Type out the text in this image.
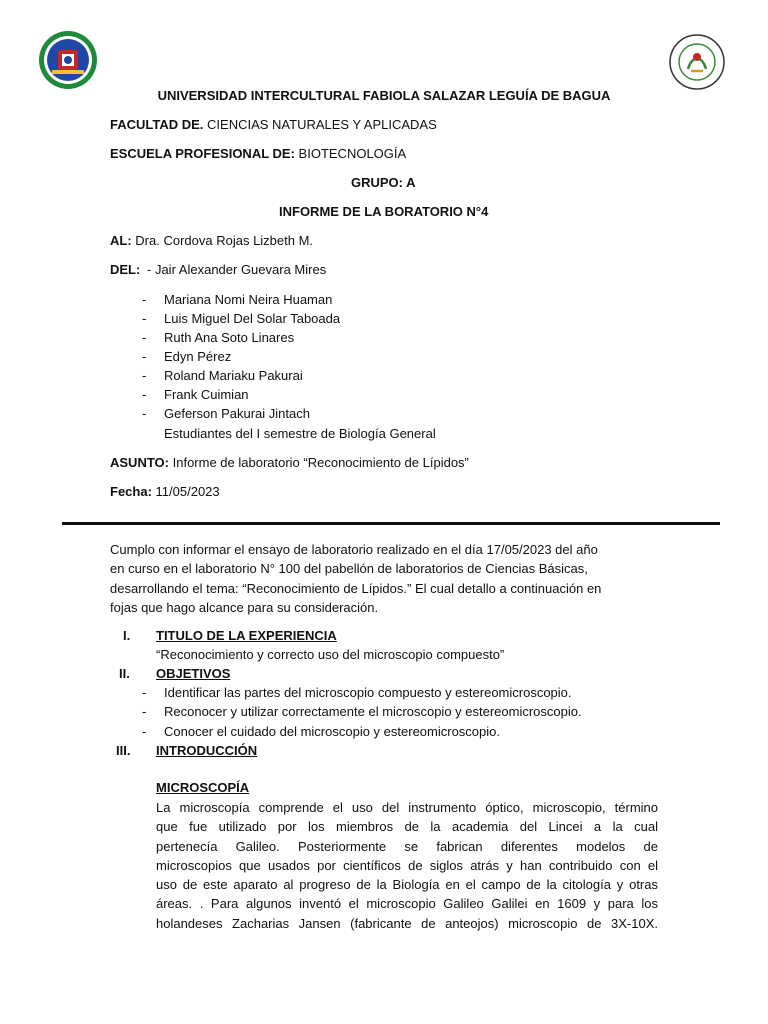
UNIVERSIDAD INTERCULTURAL FABIOLA SALAZAR LEGUÍA DE BAGUA
FACULTAD DE. CIENCIAS NATURALES Y APLICADAS
ESCUELA PROFESIONAL DE: BIOTECNOLOGÍA
GRUPO: A
INFORME DE LA BORATORIO N°4
AL: Dra. Cordova Rojas Lizbeth M.
DEL: - Jair Alexander Guevara Mires
- Mariana Nomi Neira Huaman
- Luis Miguel Del Solar Taboada
- Ruth Ana Soto Linares
- Edyn Pérez
- Roland Mariaku Pakurai
- Frank Cuimian
- Geferson Pakurai Jintach
Estudiantes del I semestre de Biología General
ASUNTO: Informe de laboratorio “Reconocimiento de Lípidos”
Fecha: 11/05/2023
Cumplo con informar el ensayo de laboratorio realizado en el día 17/05/2023 del año
en curso en el laboratorio N° 100 del pabellón de laboratorios de Ciencias Básicas,
desarrollando el tema: “Reconocimiento de Lípidos.” El cual detallo a continuación en
fojas que hago alcance para su consideración.
I. TITULO DE LA EXPERIENCIA
“Reconocimiento y correcto uso del microscopio compuesto”
II. OBJETIVOS
- Identificar las partes del microscopio compuesto y estereomicroscopio.
- Reconocer y utilizar correctamente el microscopio y estereomicroscopio.
- Conocer el cuidado del microscopio y estereomicroscopio.
III. INTRODUCCIÓN
MICROSCOPÍA
La microscopía comprende el uso del instrumento óptico, microscopio, término
que fue utilizado por los miembros de la academia del Lincei a la cual
pertenecía Galileo. Posteriormente se fabrican diferentes modelos de
microscopios que usados por científicos de siglos atrás y han contribuido con el
uso de este aparato al progreso de la Biología en el campo de la citología y otras
áreas. . Para algunos inventó el microscopio Galileo Galilei en 1609 y para los
holandeses Zacharias Jansen (fabricante de anteojos) microscopio de 3X-10X.
